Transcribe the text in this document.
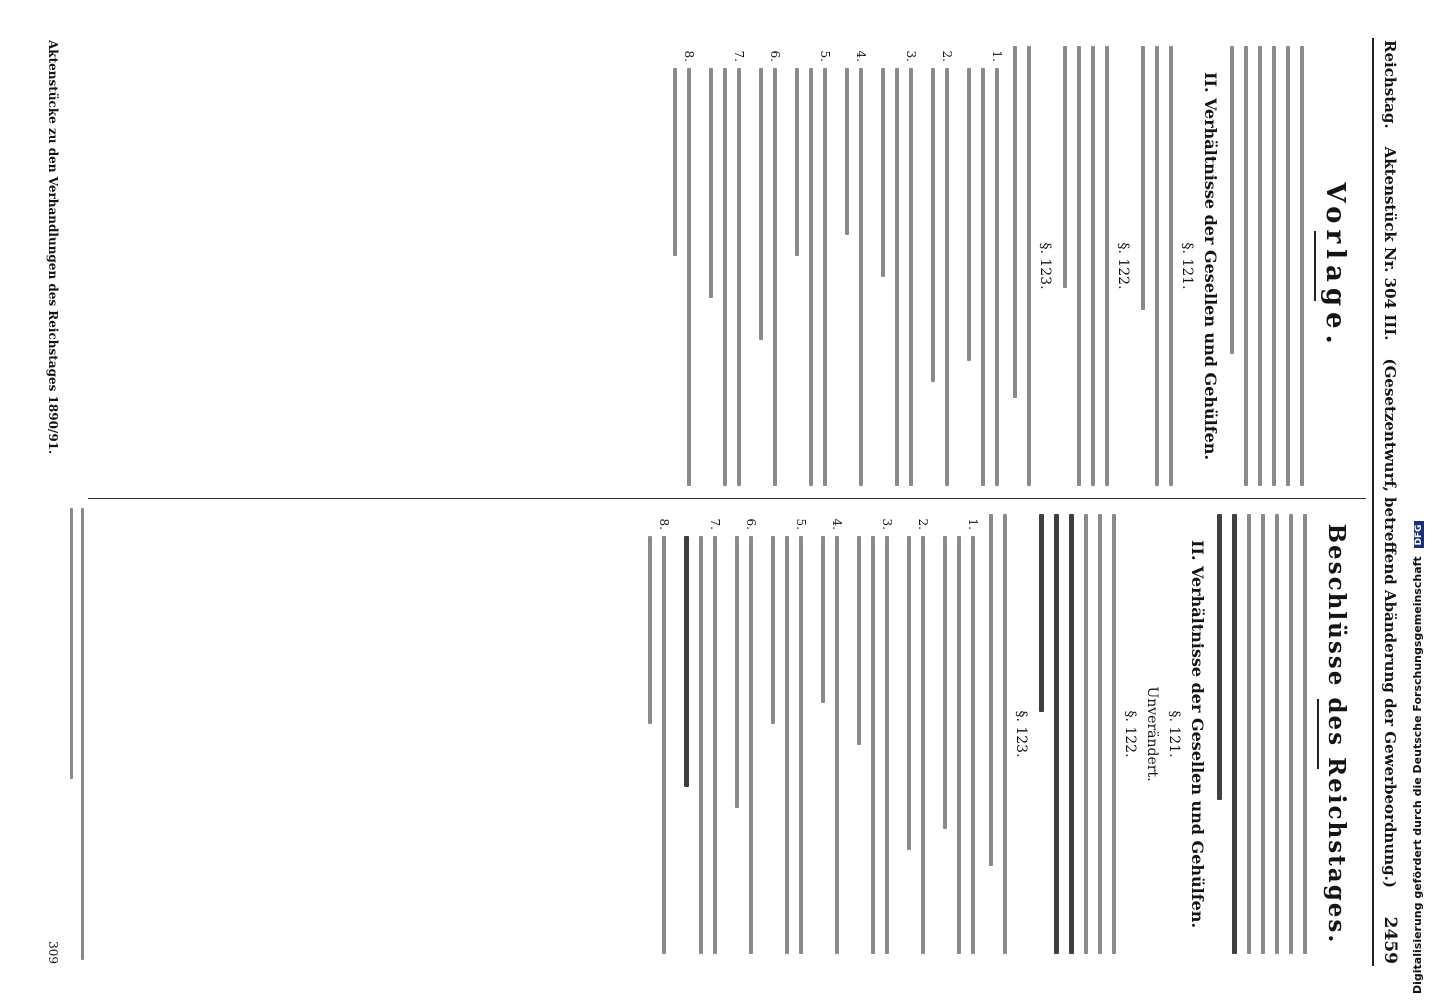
Reichstag.
Aktenstück Nr. 304 III.
(Gesetzentwurf, betreffend Abänderung der Gewerbeordnung.)
2459
Vorlage.
II. Verhältnisse der Gesellen und Gehülfen.
§. 121.
§. 122.
§. 123.
1.
2.
3.
4.
5.
6.
7.
8.
Beschlüsse des Reichstages.
II. Verhältnisse der Gesellen und Gehülfen.
§. 121.
Unverändert.
§. 122.
§. 123.
1.
2.
3.
4.
5.
6.
7.
8.
Aktenstücke zu den Verhandlungen des Reichstages 1890/91.
309	Digitalisierung gefördert durch die Deutsche Forschungsgemeinschaft DFG
